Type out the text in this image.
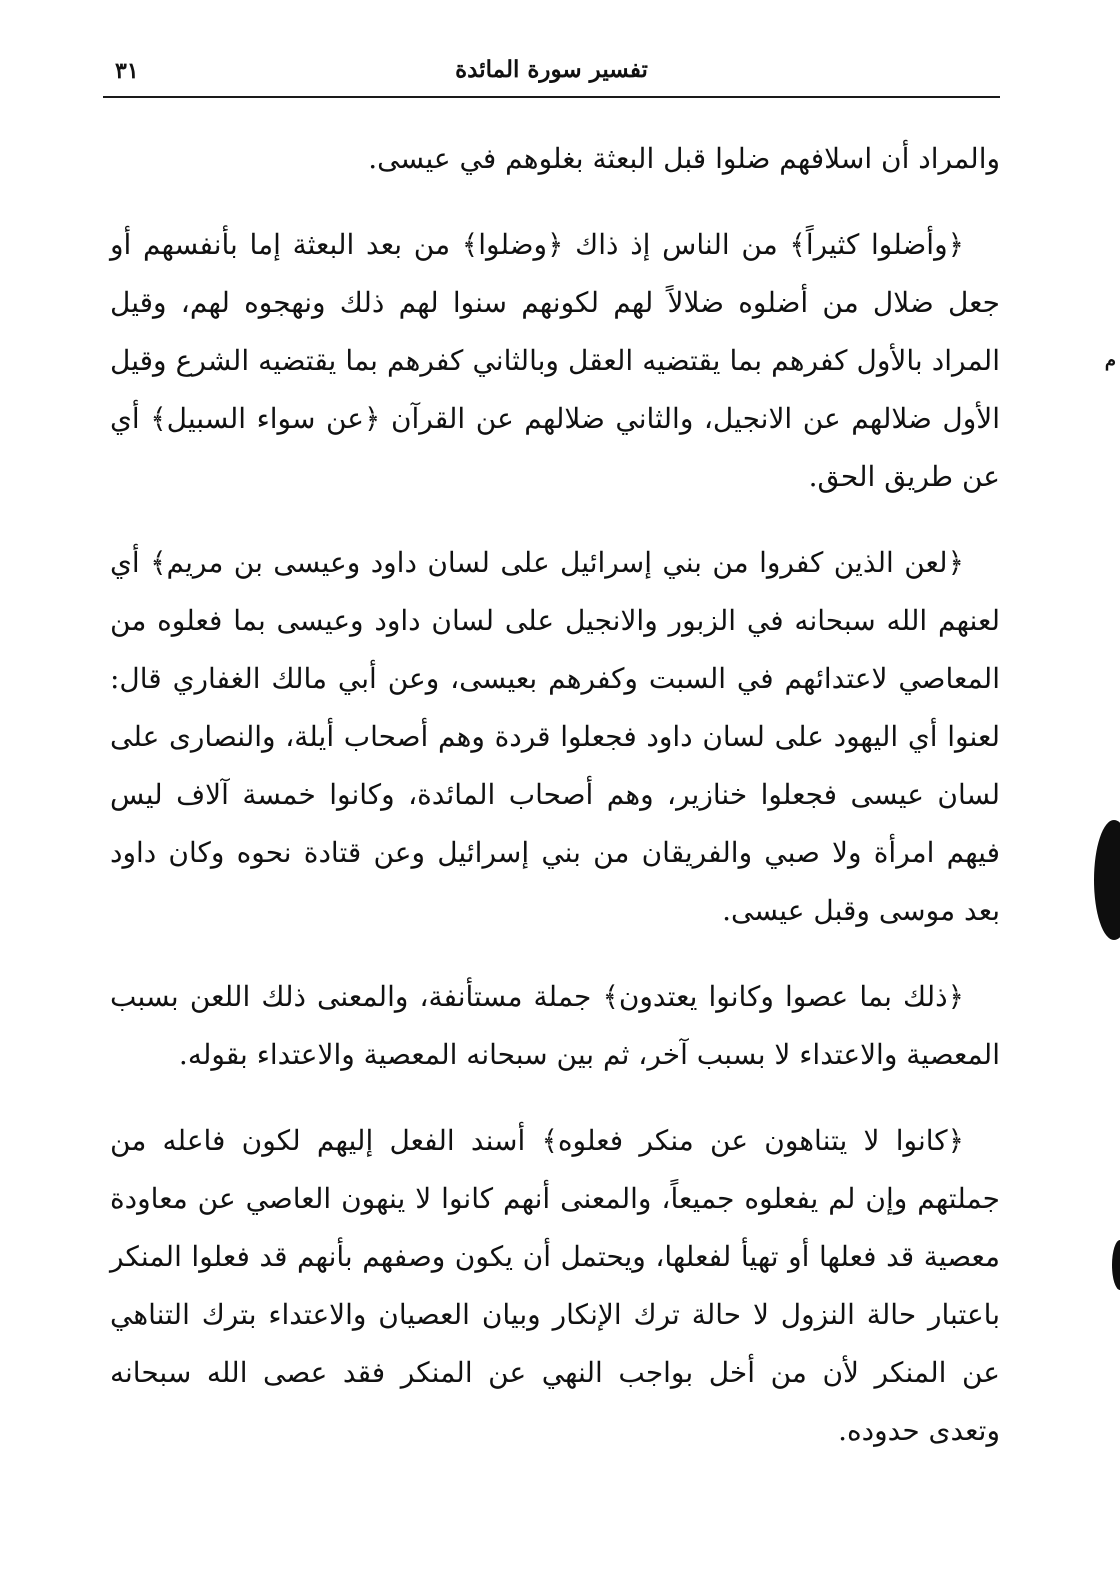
تفسير سورة المائدة
٣١

والمراد أن اسلافهم ضلوا قبل البعثة بغلوهم في عيسى.

﴿وأضلوا كثيراً﴾ من الناس إذ ذاك ﴿وضلوا﴾ من بعد البعثة إما بأنفسهم أو جعل ضلال من أضلوه ضلالاً لهم لكونهم سنوا لهم ذلك ونهجوه لهم، وقيل المراد بالأول كفرهم بما يقتضيه العقل وبالثاني كفرهم بما يقتضيه الشرع وقيل الأول ضلالهم عن الانجيل، والثاني ضلالهم عن القرآن ﴿عن سواء السبيل﴾ أي عن طريق الحق.

﴿لعن الذين كفروا من بني إسرائيل على لسان داود وعيسى بن مريم﴾ أي لعنهم الله سبحانه في الزبور والانجيل على لسان داود وعيسى بما فعلوه من المعاصي لاعتدائهم في السبت وكفرهم بعيسى، وعن أبي مالك الغفاري قال: لعنوا أي اليهود على لسان داود فجعلوا قردة وهم أصحاب أيلة، والنصارى على لسان عيسى فجعلوا خنازير، وهم أصحاب المائدة، وكانوا خمسة آلاف ليس فيهم امرأة ولا صبي والفريقان من بني إسرائيل وعن قتادة نحوه وكان داود بعد موسى وقبل عيسى.

﴿ذلك بما عصوا وكانوا يعتدون﴾ جملة مستأنفة، والمعنى ذلك اللعن بسبب المعصية والاعتداء لا بسبب آخر، ثم بين سبحانه المعصية والاعتداء بقوله.

﴿كانوا لا يتناهون عن منكر فعلوه﴾ أسند الفعل إليهم لكون فاعله من جملتهم وإن لم يفعلوه جميعاً، والمعنى أنهم كانوا لا ينهون العاصي عن معاودة معصية قد فعلها أو تهيأ لفعلها، ويحتمل أن يكون وصفهم بأنهم قد فعلوا المنكر باعتبار حالة النزول لا حالة ترك الإنكار وبيان العصيان والاعتداء بترك التناهي عن المنكر لأن من أخل بواجب النهي عن المنكر فقد عصى الله سبحانه وتعدى حدوده.

م
